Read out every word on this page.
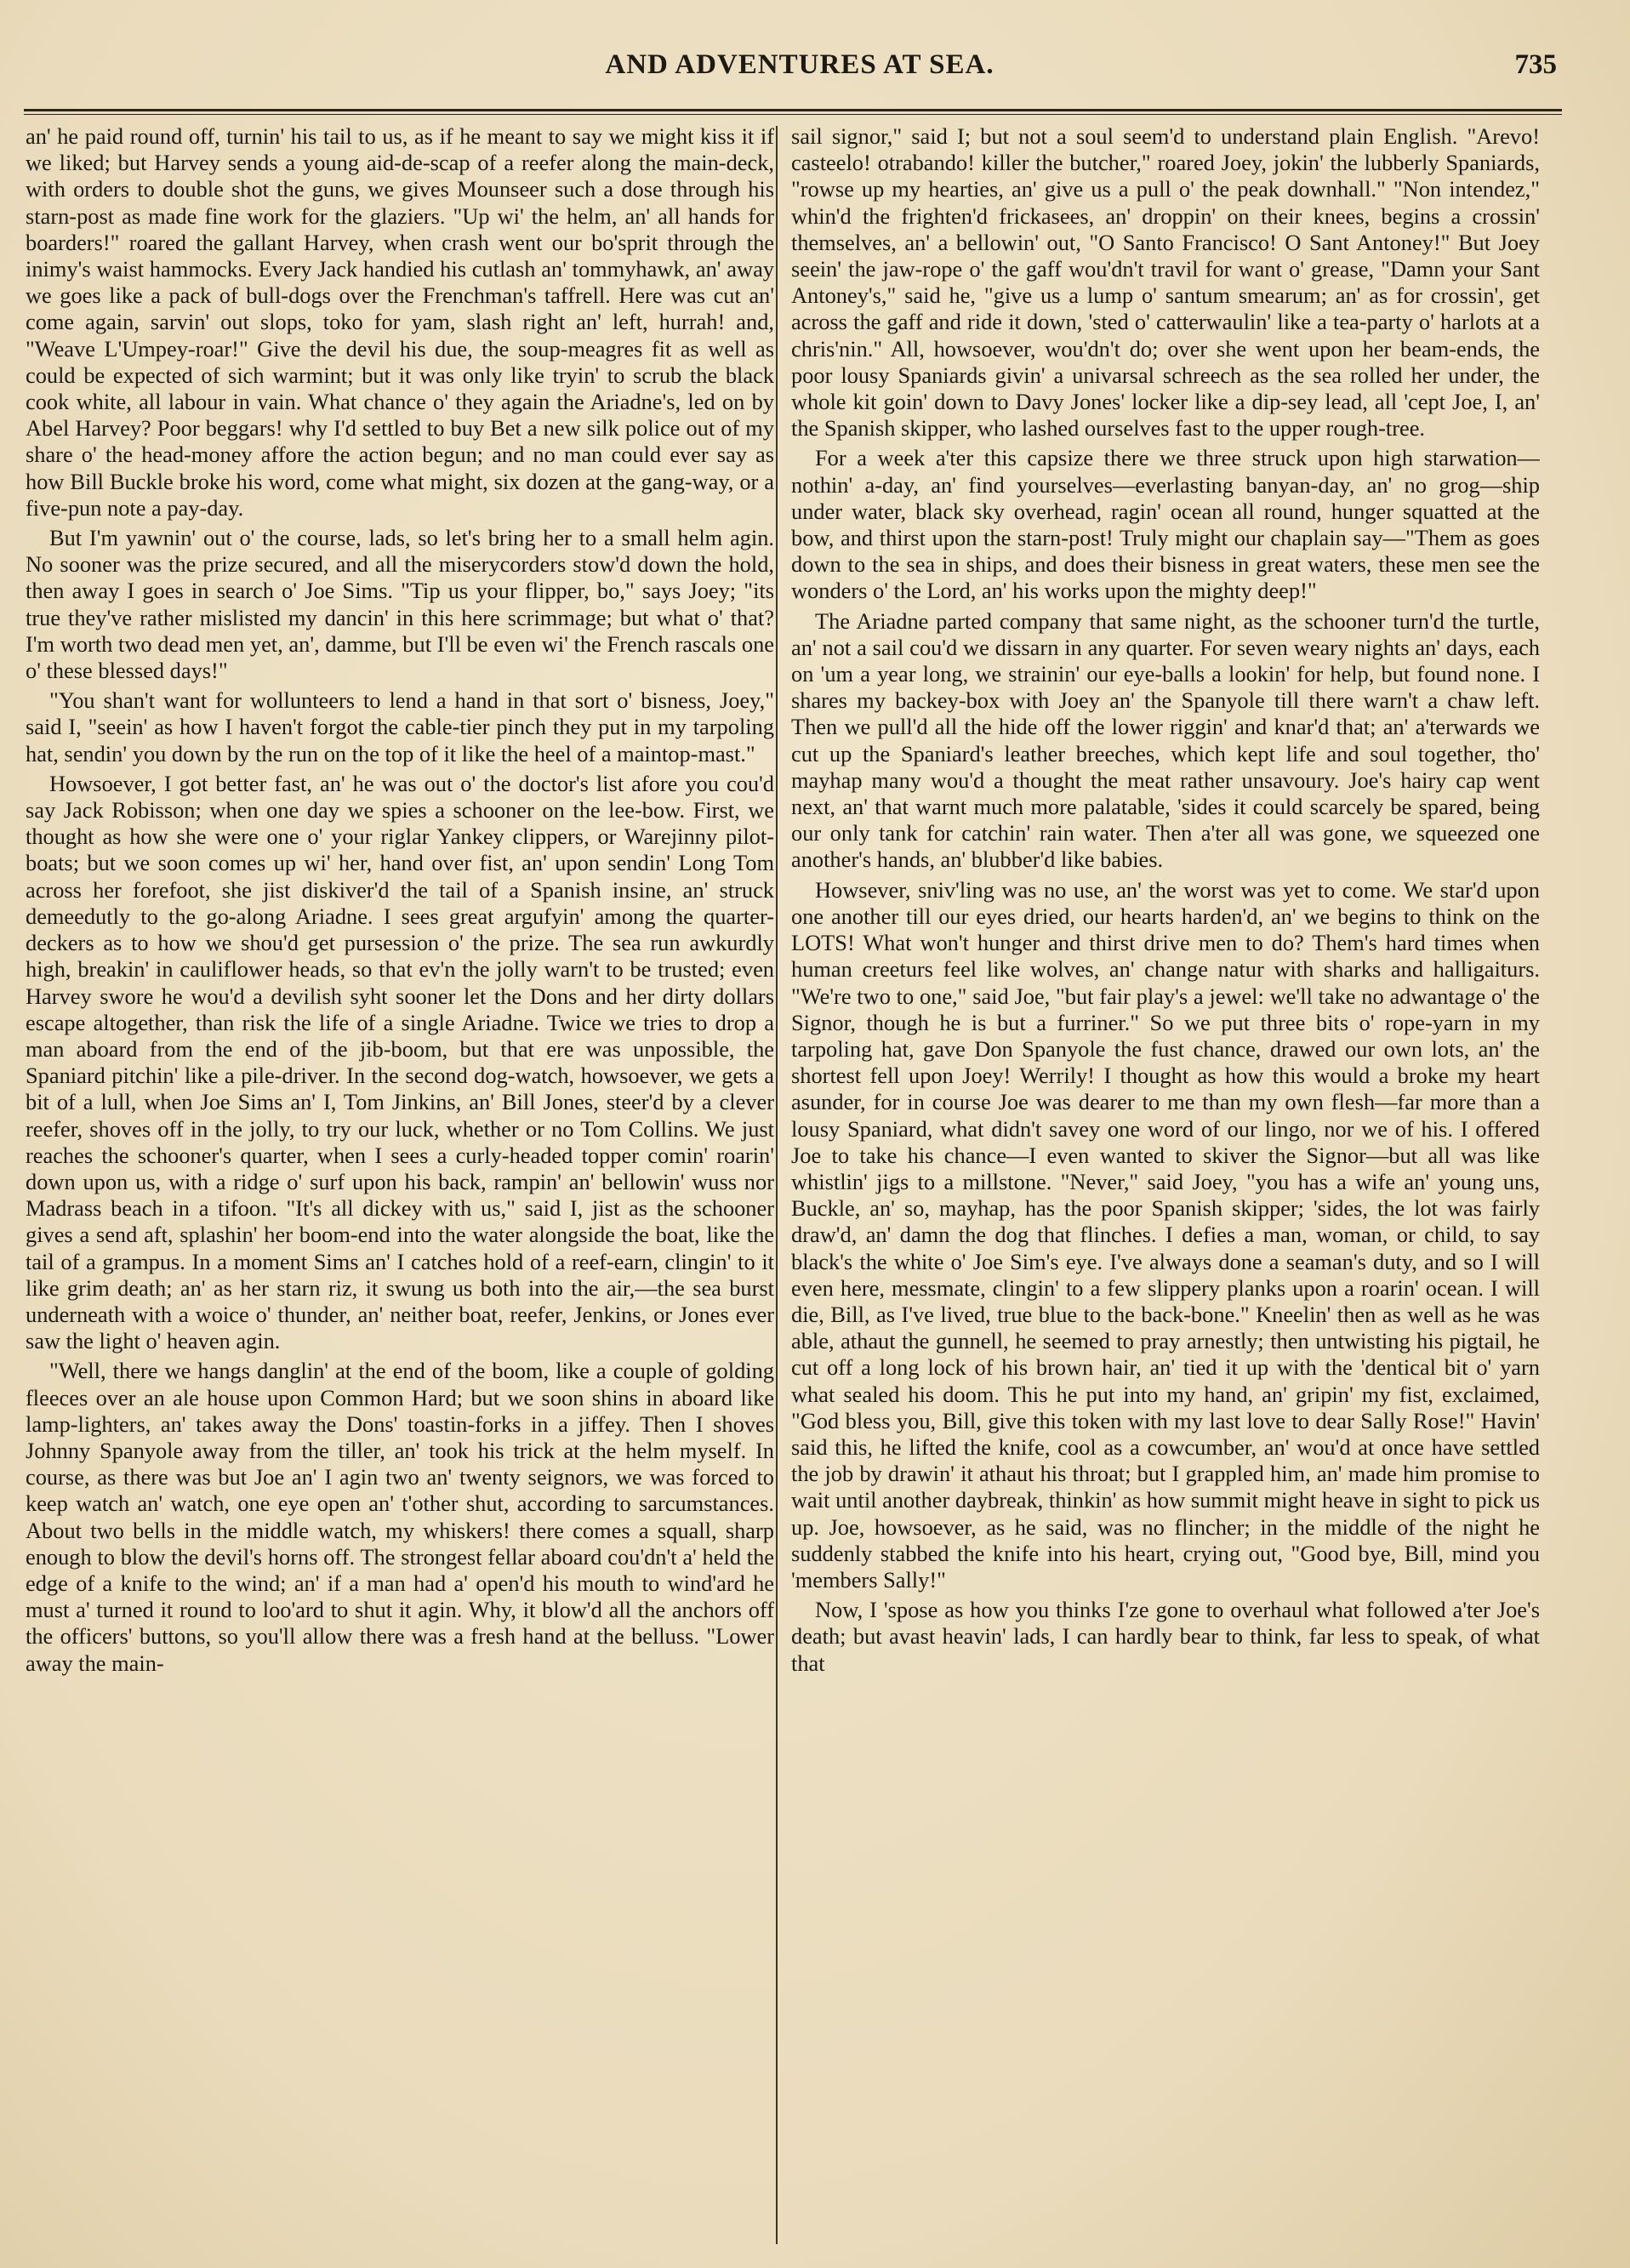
AND ADVENTURES AT SEA.	735

an' he paid round off, turnin' his tail to us, as if he meant to say we might kiss it if we liked; but Harvey sends a young aid-de-scap of a reefer along the main-deck, with orders to double shot the guns, we gives Mounseer such a dose through his starn-post as made fine work for the glaziers. "Up wi' the helm, an' all hands for boarders!" roared the gallant Harvey, when crash went our bo'sprit through the inimy's waist hammocks. Every Jack handied his cutlash an' tommyhawk, an' away we goes like a pack of bull-dogs over the Frenchman's taffrell. Here was cut an' come again, sarvin' out slops, toko for yam, slash right an' left, hurrah! and, "Weave L'Umpey-roar!" Give the devil his due, the soup-meagres fit as well as could be expected of sich warmint; but it was only like tryin' to scrub the black cook white, all labour in vain. What chance o' they again the Ariadne's, led on by Abel Harvey? Poor beggars! why I'd settled to buy Bet a new silk police out of my share o' the head-money affore the action begun; and no man could ever say as how Bill Buckle broke his word, come what might, six dozen at the gang-way, or a five-pun note a pay-day.

But I'm yawnin' out o' the course, lads, so let's bring her to a small helm agin. No sooner was the prize secured, and all the miserycorders stow'd down the hold, then away I goes in search o' Joe Sims. "Tip us your flipper, bo," says Joey; "its true they've rather mislisted my dancin' in this here scrimmage; but what o' that? I'm worth two dead men yet, an', damme, but I'll be even wi' the French rascals one o' these blessed days!"

"You shan't want for wollunteers to lend a hand in that sort o' bisness, Joey," said I, "seein' as how I haven't forgot the cable-tier pinch they put in my tarpoling hat, sendin' you down by the run on the top of it like the heel of a maintop-mast."

Howsoever, I got better fast, an' he was out o' the doctor's list afore you cou'd say Jack Robisson; when one day we spies a schooner on the lee-bow. First, we thought as how she were one o' your riglar Yankey clippers, or Warejinny pilot-boats; but we soon comes up wi' her, hand over fist, an' upon sendin' Long Tom across her forefoot, she jist diskiver'd the tail of a Spanish insine, an' struck demeedutly to the go-along Ariadne. I sees great argufyin' among the quarter-deckers as to how we shou'd get pursession o' the prize. The sea run awkurdly high, breakin' in cauliflower heads, so that ev'n the jolly warn't to be trusted; even Harvey swore he wou'd a devilish syht sooner let the Dons and her dirty dollars escape altogether, than risk the life of a single Ariadne. Twice we tries to drop a man aboard from the end of the jib-boom, but that ere was unpossible, the Spaniard pitchin' like a pile-driver. In the second dog-watch, howsoever, we gets a bit of a lull, when Joe Sims an' I, Tom Jinkins, an' Bill Jones, steer'd by a clever reefer, shoves off in the jolly, to try our luck, whether or no Tom Collins. We just reaches the schooner's quarter, when I sees a curly-headed topper comin' roarin' down upon us, with a ridge o' surf upon his back, rampin' an' bellowin' wuss nor Madrass beach in a tifoon. "It's all dickey with us," said I, jist as the schooner gives a send aft, splashin' her boom-end into the water alongside the boat, like the tail of a grampus. In a moment Sims an' I catches hold of a reef-earn, clingin' to it like grim death; an' as her starn riz, it swung us both into the air,—the sea burst underneath with a woice o' thunder, an' neither boat, reefer, Jenkins, or Jones ever saw the light o' heaven agin.

"Well, there we hangs danglin' at the end of the boom, like a couple of golding fleeces over an ale house upon Common Hard; but we soon shins in aboard like lamp-lighters, an' takes away the Dons' toastin-forks in a jiffey. Then I shoves Johnny Spanyole away from the tiller, an' took his trick at the helm myself. In course, as there was but Joe an' I agin two an' twenty seignors, we was forced to keep watch an' watch, one eye open an' t'other shut, according to sarcumstances. About two bells in the middle watch, my whiskers! there comes a squall, sharp enough to blow the devil's horns off. The strongest fellar aboard cou'dn't a' held the edge of a knife to the wind; an' if a man had a' open'd his mouth to wind'ard he must a' turned it round to loo'ard to shut it agin. Why, it blow'd all the anchors off the officers' buttons, so you'll allow there was a fresh hand at the belluss. "Lower away the main-

sail signor," said I; but not a soul seem'd to understand plain English. "Arevo! casteelo! otrabando! killer the butcher," roared Joey, jokin' the lubberly Spaniards, "rowse up my hearties, an' give us a pull o' the peak downhall." "Non intendez," whin'd the frighten'd frickasees, an' droppin' on their knees, begins a crossin' themselves, an' a bellowin' out, "O Santo Francisco! O Sant Antoney!" But Joey seein' the jaw-rope o' the gaff wou'dn't travil for want o' grease, "Damn your Sant Antoney's," said he, "give us a lump o' santum smearum; an' as for crossin', get across the gaff and ride it down, 'sted o' catterwaulin' like a tea-party o' harlots at a chris'nin." All, howsoever, wou'dn't do; over she went upon her beam-ends, the poor lousy Spaniards givin' a univarsal schreech as the sea rolled her under, the whole kit goin' down to Davy Jones' locker like a dip-sey lead, all 'cept Joe, I, an' the Spanish skipper, who lashed ourselves fast to the upper rough-tree.

For a week a'ter this capsize there we three struck upon high starwation—nothin' a-day, an' find yourselves—everlasting banyan-day, an' no grog—ship under water, black sky overhead, ragin' ocean all round, hunger squatted at the bow, and thirst upon the starn-post! Truly might our chaplain say—"Them as goes down to the sea in ships, and does their bisness in great waters, these men see the wonders o' the Lord, an' his works upon the mighty deep!"

The Ariadne parted company that same night, as the schooner turn'd the turtle, an' not a sail cou'd we dissarn in any quarter. For seven weary nights an' days, each on 'um a year long, we strainin' our eye-balls a lookin' for help, but found none. I shares my backey-box with Joey an' the Spanyole till there warn't a chaw left. Then we pull'd all the hide off the lower riggin' and knar'd that; an' a'terwards we cut up the Spaniard's leather breeches, which kept life and soul together, tho' mayhap many wou'd a thought the meat rather unsavoury. Joe's hairy cap went next, an' that warnt much more palatable, 'sides it could scarcely be spared, being our only tank for catchin' rain water. Then a'ter all was gone, we squeezed one another's hands, an' blubber'd like babies.

Howsever, sniv'ling was no use, an' the worst was yet to come. We star'd upon one another till our eyes dried, our hearts harden'd, an' we begins to think on the LOTS! What won't hunger and thirst drive men to do? Them's hard times when human creeturs feel like wolves, an' change natur with sharks and halligaiturs. "We're two to one," said Joe, "but fair play's a jewel: we'll take no adwantage o' the Signor, though he is but a furriner." So we put three bits o' rope-yarn in my tarpoling hat, gave Don Spanyole the fust chance, drawed our own lots, an' the shortest fell upon Joey! Werrily! I thought as how this would a broke my heart asunder, for in course Joe was dearer to me than my own flesh—far more than a lousy Spaniard, what didn't savey one word of our lingo, nor we of his. I offered Joe to take his chance—I even wanted to skiver the Signor—but all was like whistlin' jigs to a millstone. "Never," said Joey, "you has a wife an' young uns, Buckle, an' so, mayhap, has the poor Spanish skipper; 'sides, the lot was fairly draw'd, an' damn the dog that flinches. I defies a man, woman, or child, to say black's the white o' Joe Sim's eye. I've always done a seaman's duty, and so I will even here, messmate, clingin' to a few slippery planks upon a roarin' ocean. I will die, Bill, as I've lived, true blue to the back-bone." Kneelin' then as well as he was able, athaut the gunnell, he seemed to pray arnestly; then untwisting his pigtail, he cut off a long lock of his brown hair, an' tied it up with the 'dentical bit o' yarn what sealed his doom. This he put into my hand, an' gripin' my fist, exclaimed, "God bless you, Bill, give this token with my last love to dear Sally Rose!" Havin' said this, he lifted the knife, cool as a cowcumber, an' wou'd at once have settled the job by drawin' it athaut his throat; but I grappled him, an' made him promise to wait until another daybreak, thinkin' as how summit might heave in sight to pick us up. Joe, howsoever, as he said, was no flincher; in the middle of the night he suddenly stabbed the knife into his heart, crying out, "Good bye, Bill, mind you 'members Sally!"

Now, I 'spose as how you thinks I'ze gone to overhaul what followed a'ter Joe's death; but avast heavin' lads, I can hardly bear to think, far less to speak, of what that
